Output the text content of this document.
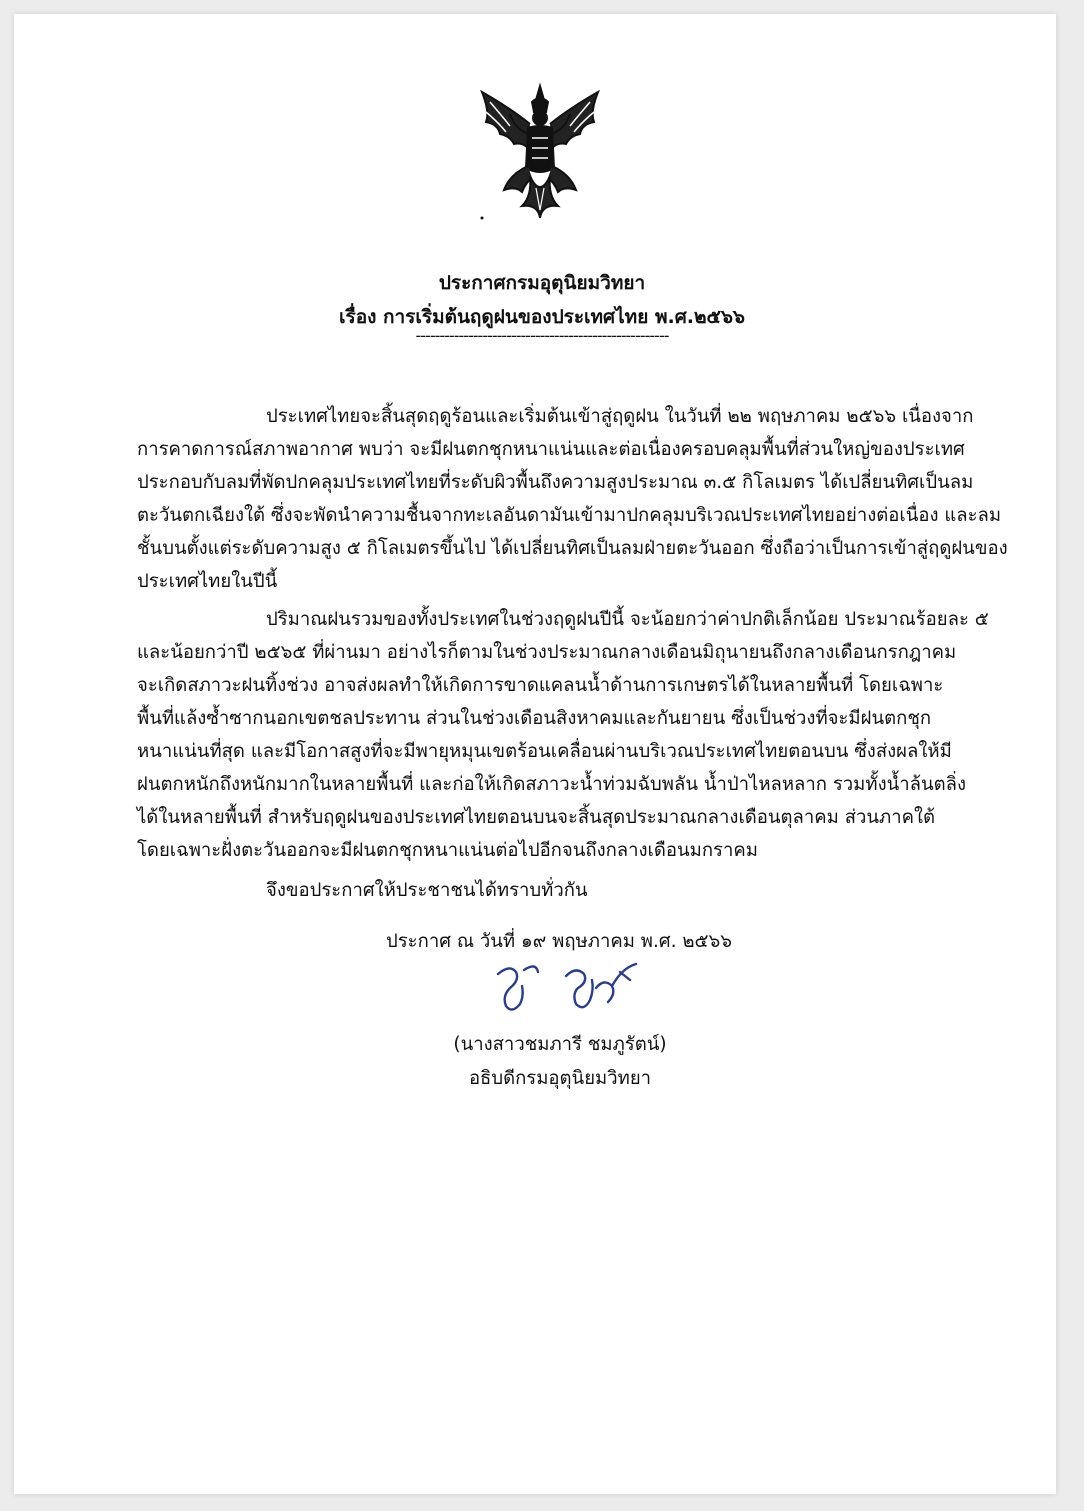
ประกาศกรมอุตุนิยมวิทยา
เรื่อง การเริ่มต้นฤดูฝนของประเทศไทย พ.ศ.๒๕๖๖

-----------------------------------------------------

ประเทศไทยจะสิ้นสุดฤดูร้อนและเริ่มต้นเข้าสู่ฤดูฝน ในวันที่ ๒๒ พฤษภาคม ๒๕๖๖ เนื่องจาก

การคาดการณ์สภาพอากาศ พบว่า จะมีฝนตกชุกหนาแน่นและต่อเนื่องครอบคลุมพื้นที่ส่วนใหญ่ของประเทศ

ประกอบกับลมที่พัดปกคลุมประเทศไทยที่ระดับผิวพื้นถึงความสูงประมาณ ๓.๕ กิโลเมตร ได้เปลี่ยนทิศเป็นลม

ตะวันตกเฉียงใต้ ซึ่งจะพัดนำความชื้นจากทะเลอันดามันเข้ามาปกคลุมบริเวณประเทศไทยอย่างต่อเนื่อง และลม

ชั้นบนตั้งแต่ระดับความสูง ๕ กิโลเมตรขึ้นไป ได้เปลี่ยนทิศเป็นลมฝ่ายตะวันออก ซึ่งถือว่าเป็นการเข้าสู่ฤดูฝนของ

ประเทศไทยในปีนี้

ปริมาณฝนรวมของทั้งประเทศในช่วงฤดูฝนปีนี้ จะน้อยกว่าค่าปกติเล็กน้อย ประมาณร้อยละ ๕

และน้อยกว่าปี ๒๕๖๕ ที่ผ่านมา อย่างไรก็ตามในช่วงประมาณกลางเดือนมิถุนายนถึงกลางเดือนกรกฎาคม

จะเกิดสภาวะฝนทิ้งช่วง อาจส่งผลทำให้เกิดการขาดแคลนน้ำด้านการเกษตรได้ในหลายพื้นที่ โดยเฉพาะ

พื้นที่แล้งซ้ำซากนอกเขตชลประทาน ส่วนในช่วงเดือนสิงหาคมและกันยายน ซึ่งเป็นช่วงที่จะมีฝนตกชุก

หนาแน่นที่สุด และมีโอกาสสูงที่จะมีพายุหมุนเขตร้อนเคลื่อนผ่านบริเวณประเทศไทยตอนบน ซึ่งส่งผลให้มี

ฝนตกหนักถึงหนักมากในหลายพื้นที่ และก่อให้เกิดสภาวะน้ำท่วมฉับพลัน น้ำป่าไหลหลาก รวมทั้งน้ำล้นตลิ่ง

ได้ในหลายพื้นที่ สำหรับฤดูฝนของประเทศไทยตอนบนจะสิ้นสุดประมาณกลางเดือนตุลาคม ส่วนภาคใต้

โดยเฉพาะฝั่งตะวันออกจะมีฝนตกชุกหนาแน่นต่อไปอีกจนถึงกลางเดือนมกราคม

จึงขอประกาศให้ประชาชนได้ทราบทั่วกัน

ประกาศ ณ วันที่ ๑๙ พฤษภาคม พ.ศ. ๒๕๖๖

(นางสาวชมภารี ชมภูรัตน์)

อธิบดีกรมอุตุนิยมวิทยา
